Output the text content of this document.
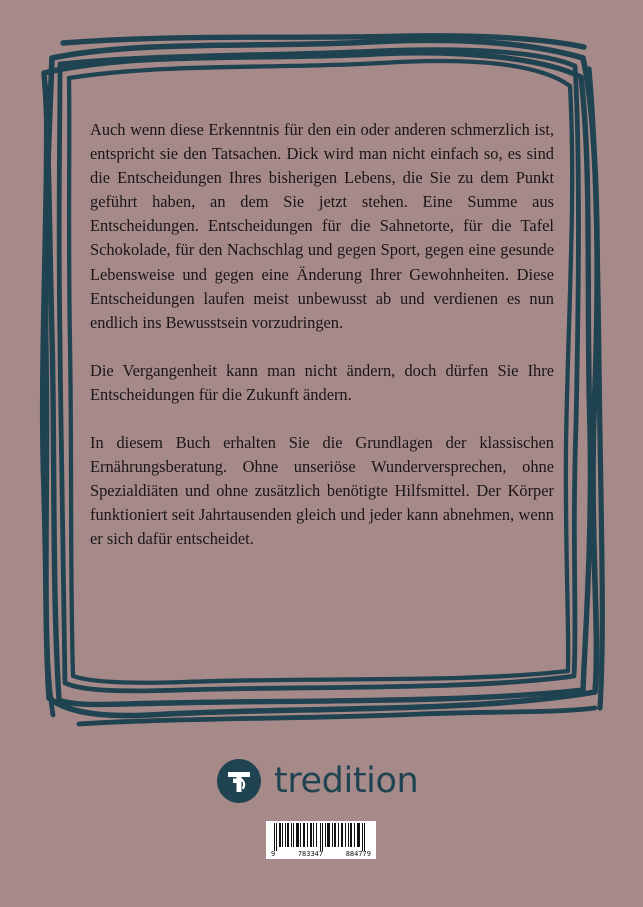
Auch wenn diese Erkenntnis für den ein oder anderen schmerzlich ist, entspricht sie den Tatsachen. Dick wird man nicht einfach so, es sind die Entscheidungen Ihres bisherigen Lebens, die Sie zu dem Punkt geführt haben, an dem Sie jetzt stehen. Eine Summe aus Entscheidungen. Entscheidungen für die Sahnetorte, für die Tafel Schokolade, für den Nachschlag und gegen Sport, gegen eine gesunde Lebensweise und gegen eine Änderung Ihrer Gewohnheiten. Diese Entscheidungen laufen meist unbewusst ab und verdienen es nun endlich ins Bewusstsein vorzudringen.

Die Vergangenheit kann man nicht ändern, doch dürfen Sie Ihre Entscheidungen für die Zukunft ändern.

In diesem Buch erhalten Sie die Grundlagen der klassischen Ernährungsberatung. Ohne unseriöse Wunderversprechen, ohne Spezialdiäten und ohne zusätzlich benötigte Hilfsmittel. Der Körper funktioniert seit Jahrtausenden gleich und jeder kann abnehmen, wenn er sich dafür entscheidet.

tredition
9	783347	884779
